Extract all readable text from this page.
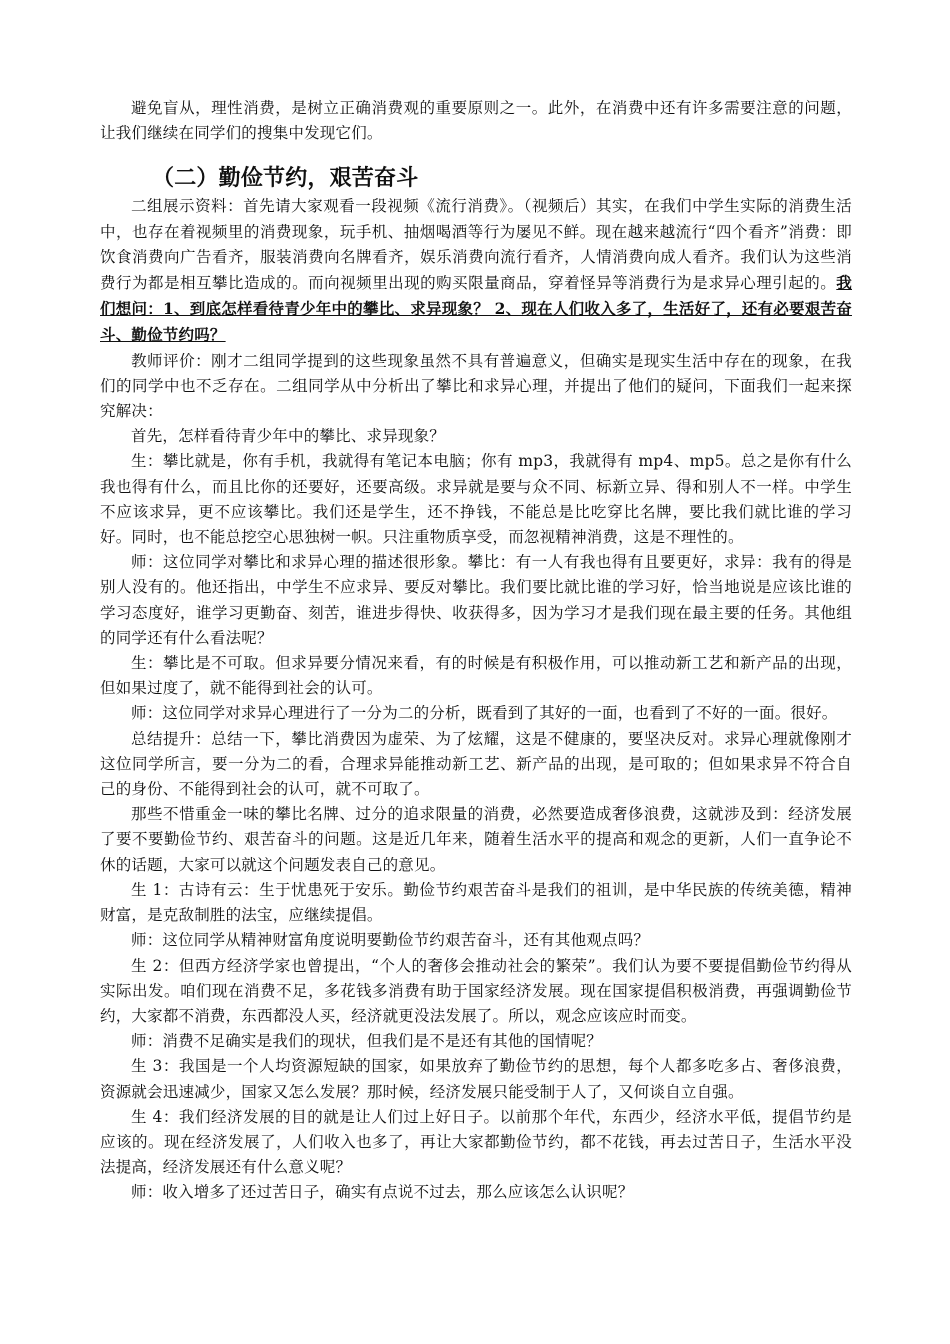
避免盲从，理性消费，是树立正确消费观的重要原则之一。此外，在消费中还有许多需要注意的问题，让我们继续在同学们的搜集中发现它们。

（二）勤俭节约，艰苦奋斗

二组展示资料：首先请大家观看一段视频《流行消费》。（视频后）其实，在我们中学生实际的消费生活中，也存在着视频里的消费现象，玩手机、抽烟喝酒等行为屡见不鲜。现在越来越流行“四个看齐”消费：即饮食消费向广告看齐，服装消费向名牌看齐，娱乐消费向流行看齐，人情消费向成人看齐。我们认为这些消费行为都是相互攀比造成的。而向视频里出现的购买限量商品，穿着怪异等消费行为是求异心理引起的。我们想问：1、到底怎样看待青少年中的攀比、求异现象？ 2、现在人们收入多了，生活好了，还有必要艰苦奋斗、勤俭节约吗？

教师评价：刚才二组同学提到的这些现象虽然不具有普遍意义，但确实是现实生活中存在的现象，在我们的同学中也不乏存在。二组同学从中分析出了攀比和求异心理，并提出了他们的疑问，下面我们一起来探究解决：

首先，怎样看待青少年中的攀比、求异现象？

生：攀比就是，你有手机，我就得有笔记本电脑；你有 mp3，我就得有 mp4、mp5。总之是你有什么我也得有什么，而且比你的还要好，还要高级。求异就是要与众不同、标新立异、得和别人不一样。中学生不应该求异，更不应该攀比。我们还是学生，还不挣钱，不能总是比吃穿比名牌，要比我们就比谁的学习好。同时，也不能总挖空心思独树一帜。只注重物质享受，而忽视精神消费，这是不理性的。

师：这位同学对攀比和求异心理的描述很形象。攀比：有一人有我也得有且要更好，求异：我有的得是别人没有的。他还指出，中学生不应求异、要反对攀比。我们要比就比谁的学习好，恰当地说是应该比谁的学习态度好，谁学习更勤奋、刻苦，谁进步得快、收获得多，因为学习才是我们现在最主要的任务。其他组的同学还有什么看法呢？

生：攀比是不可取。但求异要分情况来看，有的时候是有积极作用，可以推动新工艺和新产品的出现，但如果过度了，就不能得到社会的认可。

师：这位同学对求异心理进行了一分为二的分析，既看到了其好的一面，也看到了不好的一面。很好。

总结提升：总结一下，攀比消费因为虚荣、为了炫耀，这是不健康的，要坚决反对。求异心理就像刚才这位同学所言，要一分为二的看，合理求异能推动新工艺、新产品的出现，是可取的；但如果求异不符合自己的身份、不能得到社会的认可，就不可取了。

那些不惜重金一味的攀比名牌、过分的追求限量的消费，必然要造成奢侈浪费，这就涉及到：经济发展了要不要勤俭节约、艰苦奋斗的问题。这是近几年来，随着生活水平的提高和观念的更新，人们一直争论不休的话题，大家可以就这个问题发表自己的意见。

生 1：古诗有云：生于忧患死于安乐。勤俭节约艰苦奋斗是我们的祖训，是中华民族的传统美德，精神财富，是克敌制胜的法宝，应继续提倡。

师：这位同学从精神财富角度说明要勤俭节约艰苦奋斗，还有其他观点吗？

生 2：但西方经济学家也曾提出，“个人的奢侈会推动社会的繁荣”。我们认为要不要提倡勤俭节约得从实际出发。咱们现在消费不足，多花钱多消费有助于国家经济发展。现在国家提倡积极消费，再强调勤俭节约，大家都不消费，东西都没人买，经济就更没法发展了。所以，观念应该应时而变。

师：消费不足确实是我们的现状，但我们是不是还有其他的国情呢？

生 3：我国是一个人均资源短缺的国家，如果放弃了勤俭节约的思想，每个人都多吃多占、奢侈浪费，资源就会迅速减少，国家又怎么发展？那时候，经济发展只能受制于人了，又何谈自立自强。

生 4：我们经济发展的目的就是让人们过上好日子。以前那个年代，东西少，经济水平低，提倡节约是应该的。现在经济发展了，人们收入也多了，再让大家都勤俭节约，都不花钱，再去过苦日子，生活水平没法提高，经济发展还有什么意义呢？

师：收入增多了还过苦日子，确实有点说不过去，那么应该怎么认识呢？
